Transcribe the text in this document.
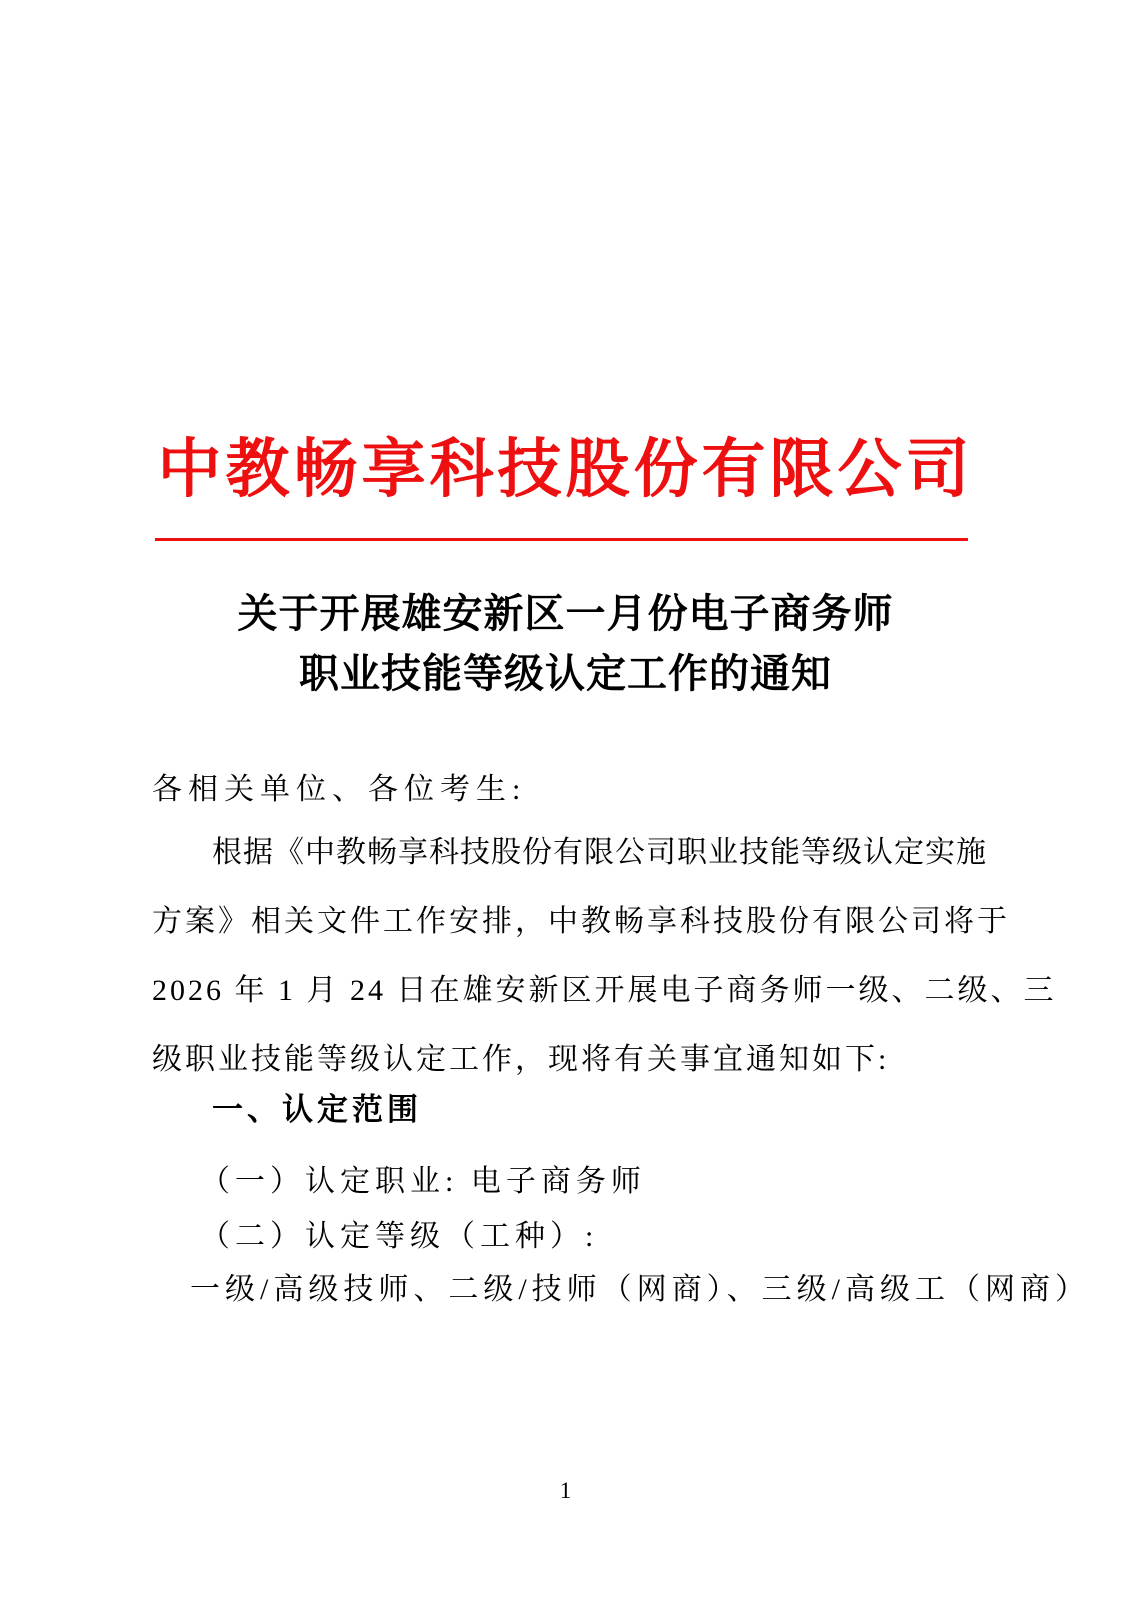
中教畅享科技股份有限公司
关于开展雄安新区一月份电子商务师
职业技能等级认定工作的通知
各相关单位、各位考生:
根据《中教畅享科技股份有限公司职业技能等级认定实施
方案》相关文件工作安排，中教畅享科技股份有限公司将于
2026 年 1 月 24 日在雄安新区开展电子商务师一级、二级、三
级职业技能等级认定工作，现将有关事宜通知如下:
一、认定范围
（一）认定职业: 电子商务师
（二）认定等级（工种）:
一级/高级技师、二级/技师（网商）、三级/高级工（网商）
1
